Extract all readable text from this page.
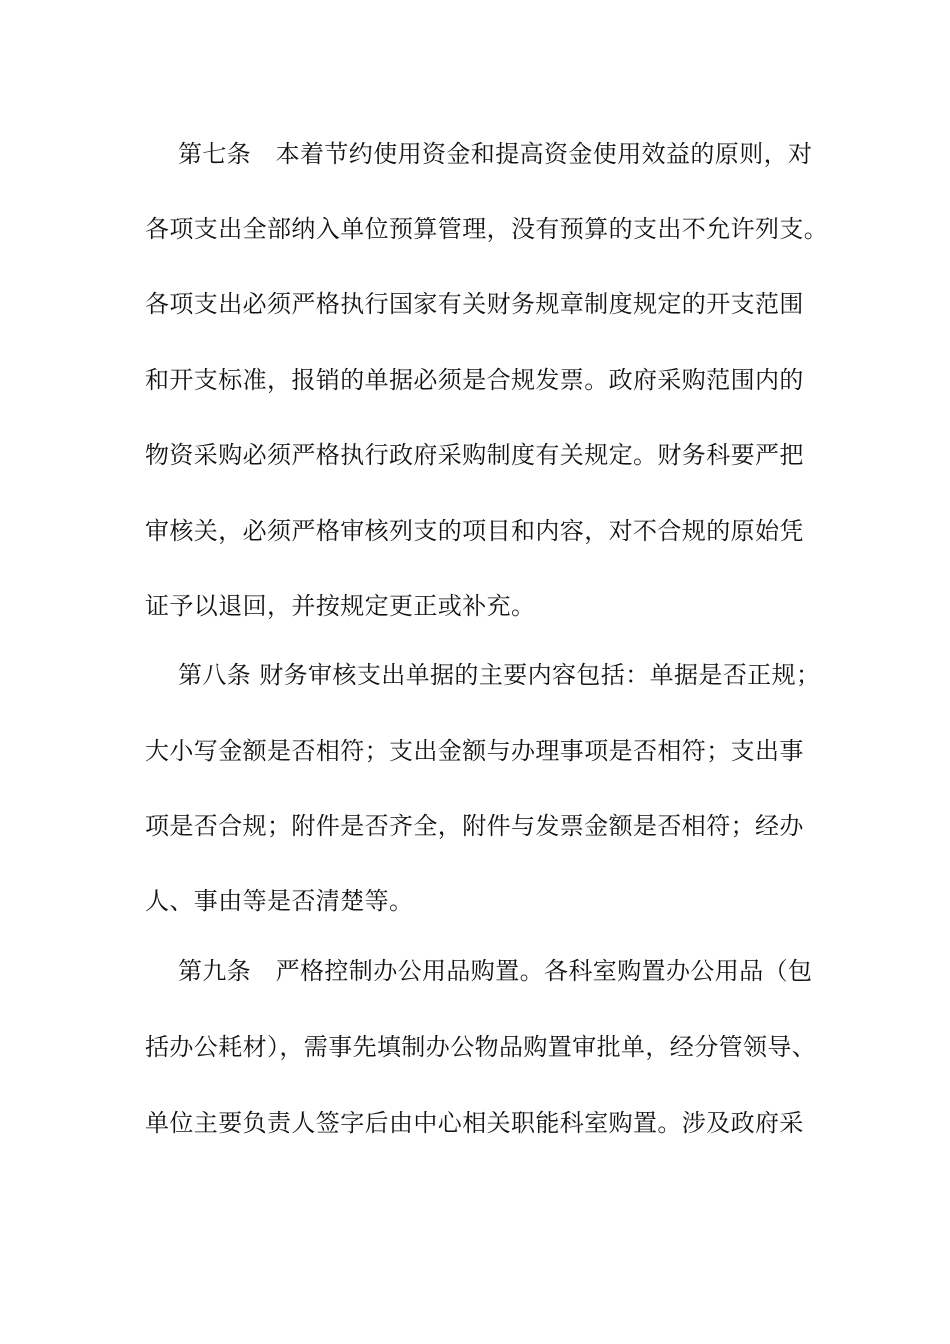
第七条　本着节约使用资金和提高资金使用效益的原则，对
各项支出全部纳入单位预算管理，没有预算的支出不允许列支。
各项支出必须严格执行国家有关财务规章制度规定的开支范围
和开支标准，报销的单据必须是合规发票。政府采购范围内的
物资采购必须严格执行政府采购制度有关规定。财务科要严把
审核关，必须严格审核列支的项目和内容，对不合规的原始凭
证予以退回，并按规定更正或补充。
第八条 财务审核支出单据的主要内容包括：单据是否正规；
大小写金额是否相符；支出金额与办理事项是否相符；支出事
项是否合规；附件是否齐全，附件与发票金额是否相符；经办
人、事由等是否清楚等。
第九条　严格控制办公用品购置。各科室购置办公用品（包
括办公耗材），需事先填制办公物品购置审批单，经分管领导、
单位主要负责人签字后由中心相关职能科室购置。涉及政府采
